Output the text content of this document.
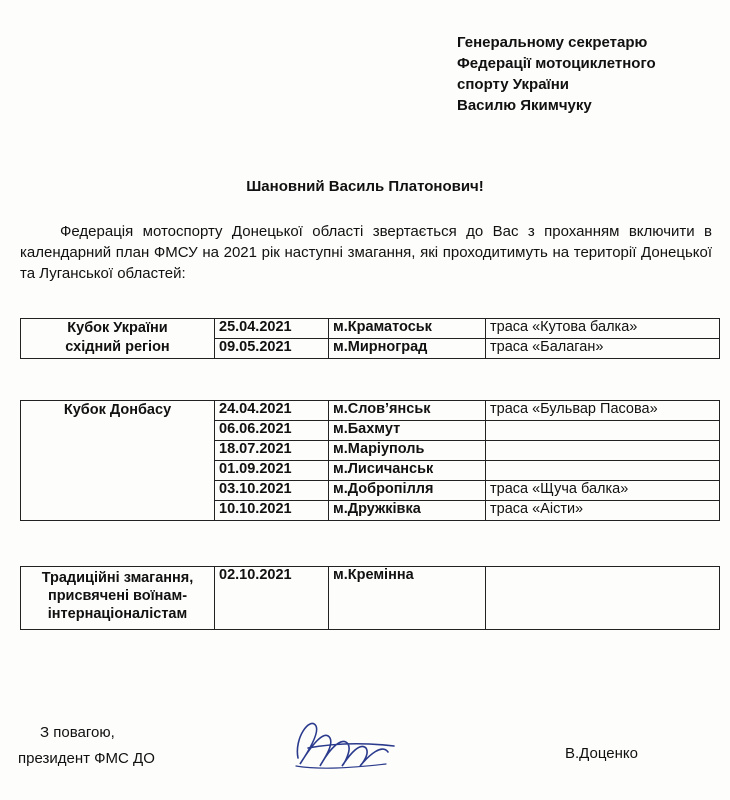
Генеральному секретарю
Федерації мотоциклетного
спорту України
Василю Якимчуку
Шановний Василь Платонович!
Федерація мотоспорту Донецької області звертається до Вас з проханням включити в календарний план ФМСУ на 2021 рік наступні змагання, які проходитимуть на території Донецької та Луганської областей:
Кубок України
східний регіон	25.04.2021	м.Краматоськ	траса «Кутова балка»
	09.05.2021	м.Мирноград	траса «Балаган»
Кубок Донбасу	24.04.2021	м.Слов’янськ	траса «Бульвар Пасова»
	06.06.2021	м.Бахмут	
	18.07.2021	м.Маріуполь	
	01.09.2021	м.Лисичанськ	
	03.10.2021	м.Добропілля	траса «Щуча балка»
	10.10.2021	м.Дружківка	траса «Аісти»
Традиційні змагання,
присвячені воїнам-
інтернаціоналістам
	02.10.2021	м.Кремінна	
З повагою,
президент ФМС ДО	В.Доценко
